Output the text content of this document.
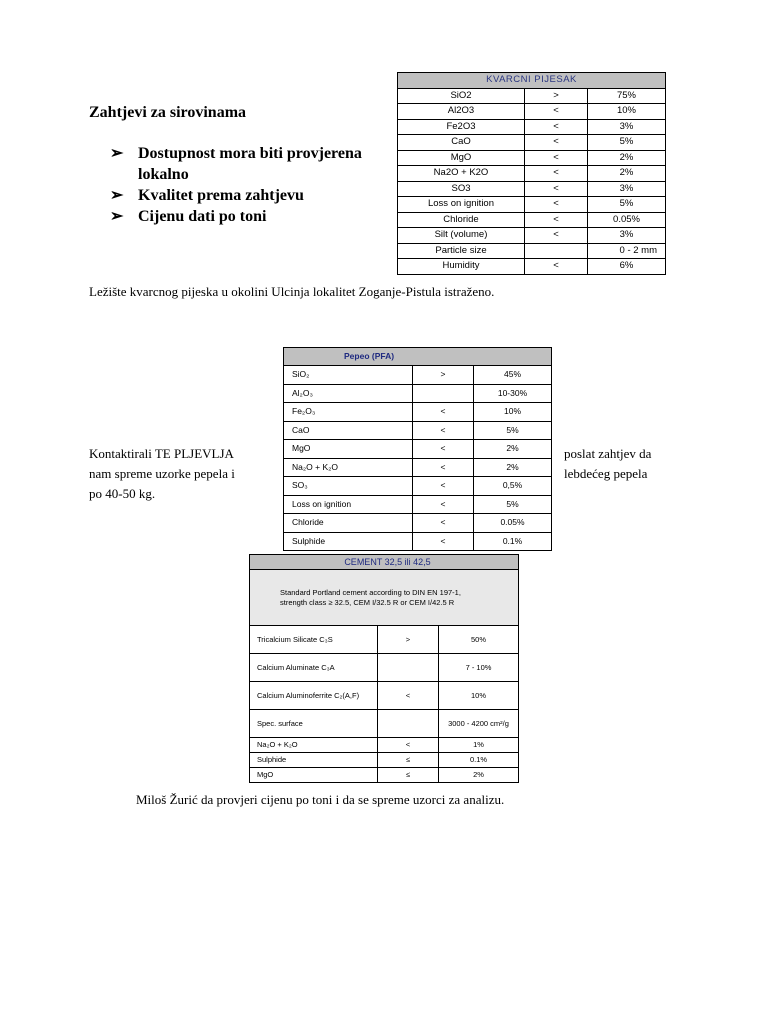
Zahtjevi za sirovinama
➢ Dostupnost mora biti provjerena lokalno
➢ Kvalitet prema zahtjevu
➢ Cijenu dati po toni
KVARCNI PIJESAK		
SiO2	>	75%
Al2O3	<	10%
Fe2O3	<	3%
CaO	<	5%
MgO	<	2%
Na2O + K2O	<	2%
SO3	<	3%
Loss on ignition	<	5%
Chloride	<	0.05%
Silt (volume)	<	3%
Particle size		0 - 2 mm
Humidity	<	6%
Ležište kvarcnog pijeska u okolini Ulcinja lokalitet Zoganje-Pistula istraženo.
Kontaktirali TE PLJEVLJA
nam spreme uzorke pepela i
po 40-50 kg.
poslat zahtjev da
lebdećeg pepela
Pepeo (PFA)		
SiO₂	>	45%
Al₂O₃		10-30%
Fe₂O₃	<	10%
CaO	<	5%
MgO	<	2%
Na₂O + K₂O	<	2%
SO₃	<	0,5%
Loss on ignition	<	5%
Chloride	<	0.05%
Sulphide	<	0.1%
CEMENT 32,5 ili 42,5		
Standard Portland cement according to DIN EN 197-1, strength class ≥ 32.5, CEM I/32.5 R or CEM I/42.5 R		
Tricalcium Silicate C₃S	>	50%
Calcium Aluminate C₃A		7 - 10%
Calcium Aluminoferrite C₂(A,F)	<	10%
Spec. surface		3000 - 4200 cm²/g
Na₂O + K₂O	<	1%
Sulphide	≤	0.1%
MgO	≤	2%
Miloš Žurić da provjeri cijenu po toni i da se spreme uzorci za analizu.
